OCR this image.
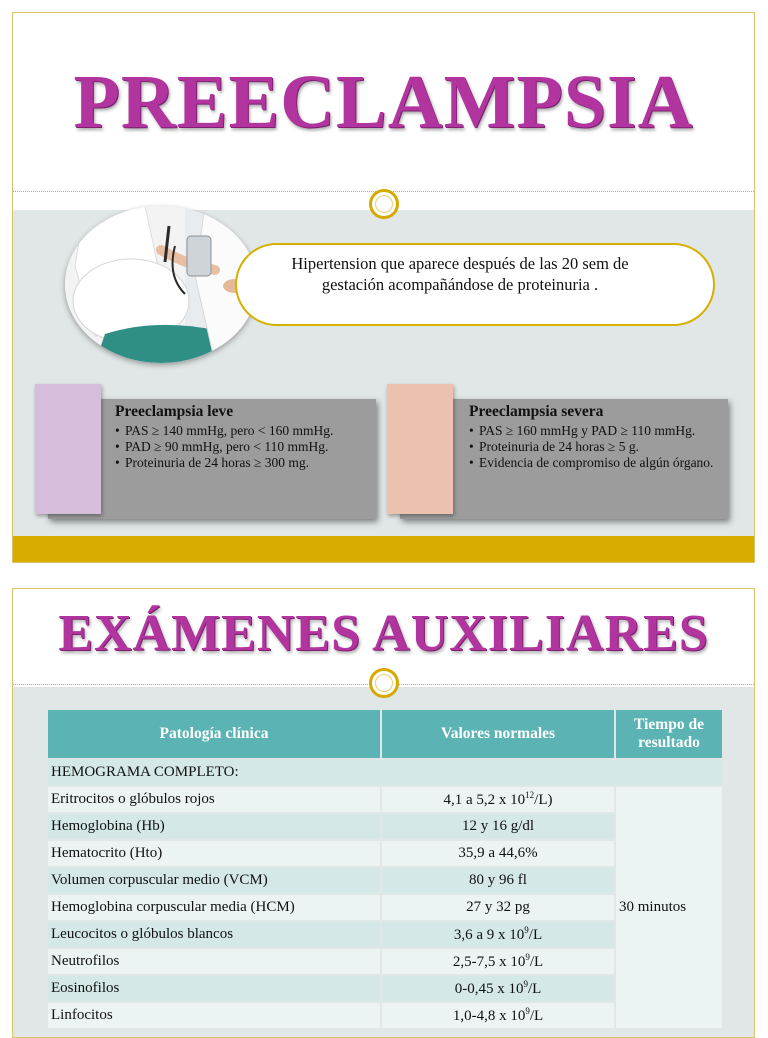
PREECLAMPSIA
Hipertension que aparece después de las 20 sem de gestación acompañándose de proteinuria .
Preeclampsia leve
• PAS ≥ 140 mmHg, pero < 160 mmHg.
• PAD ≥ 90 mmHg, pero < 110 mmHg.
• Proteinuria de 24 horas ≥ 300 mg.
Preeclampsia severa
• PAS ≥ 160 mmHg y PAD ≥ 110 mmHg.
• Proteinuria de 24 horas ≥ 5 g.
• Evidencia de compromiso de algún órgano.
EXÁMENES AUXILIARES
Patología clínica	Valores normales	Tiempo de resultado
HEMOGRAMA COMPLETO:		
Eritrocitos o glóbulos rojos	4,1 a 5,2 x $10^{12}/L$)	30 minutos
Hemoglobina (Hb)	12 y 16 g/dl	
Hematocrito (Hto)	35,9 a 44,6%	
Volumen corpuscular medio (VCM)	80 y 96 fl	
Hemoglobina corpuscular media (HCM)	27 y 32 pg	
Leucocitos o glóbulos blancos	3,6 a 9 x $10^9/L$	
Neutrofilos	2,5-7,5 x $10^9/L$	
Eosinofilos	0-0,45 x $10^9/L$	
Linfocitos	1,0-4,8 x $10^9/L$	
